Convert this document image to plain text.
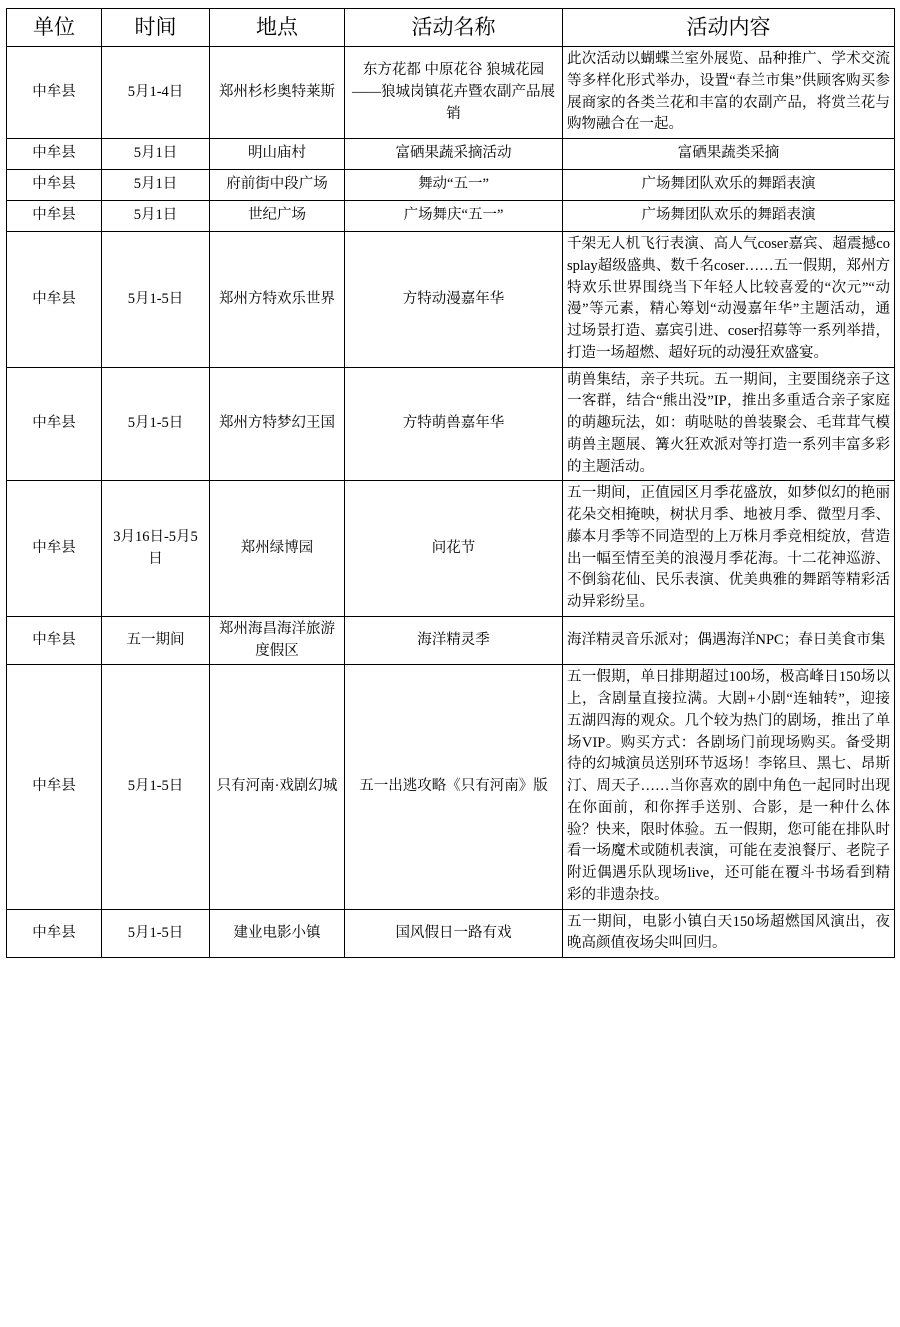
单位	时间	地点	活动名称	活动内容
中牟县	5月1-4日	郑州杉杉奥特莱斯	东方花都 中原花谷 狼城花园——狼城岗镇花卉暨农副产品展销	此次活动以蝴蝶兰室外展览、品种推广、学术交流等多样化形式举办，设置“春兰市集”供顾客购买参展商家的各类兰花和丰富的农副产品，将赏兰花与购物融合在一起。
中牟县	5月1日	明山庙村	富硒果蔬采摘活动	富硒果蔬类采摘
中牟县	5月1日	府前街中段广场	舞动“五一”	广场舞团队欢乐的舞蹈表演
中牟县	5月1日	世纪广场	广场舞庆“五一”	广场舞团队欢乐的舞蹈表演
中牟县	5月1-5日	郑州方特欢乐世界	方特动漫嘉年华	千架无人机飞行表演、高人气coser嘉宾、超震撼cosplay超级盛典、数千名coser……五一假期，郑州方特欢乐世界围绕当下年轻人比较喜爱的“次元”“动漫”等元素，精心筹划“动漫嘉年华”主题活动，通过场景打造、嘉宾引进、coser招募等一系列举措，打造一场超燃、超好玩的动漫狂欢盛宴。
中牟县	5月1-5日	郑州方特梦幻王国	方特萌兽嘉年华	萌兽集结，亲子共玩。五一期间，主要围绕亲子这一客群，结合“熊出没”IP，推出多重适合亲子家庭的萌趣玩法，如：萌哒哒的兽装聚会、毛茸茸气模萌兽主题展、篝火狂欢派对等打造一系列丰富多彩的主题活动。
中牟县	3月16日-5月5日	郑州绿博园	问花节	五一期间，正值园区月季花盛放，如梦似幻的艳丽花朵交相掩映，树状月季、地被月季、微型月季、藤本月季等不同造型的上万株月季竞相绽放，营造出一幅至情至美的浪漫月季花海。十二花神巡游、不倒翁花仙、民乐表演、优美典雅的舞蹈等精彩活动异彩纷呈。
中牟县	五一期间	郑州海昌海洋旅游度假区	海洋精灵季	海洋精灵音乐派对；偶遇海洋NPC；春日美食市集
中牟县	5月1-5日	只有河南·戏剧幻城	五一出逃攻略《只有河南》版	五一假期，单日排期超过100场，极高峰日150场以上，含剧量直接拉满。大剧+小剧“连轴转”，迎接五湖四海的观众。几个较为热门的剧场，推出了单场VIP。购买方式：各剧场门前现场购买。备受期待的幻城演员送别环节返场！李铭旦、黑七、昂斯汀、周天子……当你喜欢的剧中角色一起同时出现在你面前，和你挥手送别、合影，是一种什么体验？快来，限时体验。五一假期，您可能在排队时看一场魔术或随机表演，可能在麦浪餐厅、老院子附近偶遇乐队现场live，还可能在覆斗书场看到精彩的非遗杂技。
中牟县	5月1-5日	建业电影小镇	国风假日一路有戏	五一期间，电影小镇白天150场超燃国风演出，夜晚高颜值夜场尖叫回归。
